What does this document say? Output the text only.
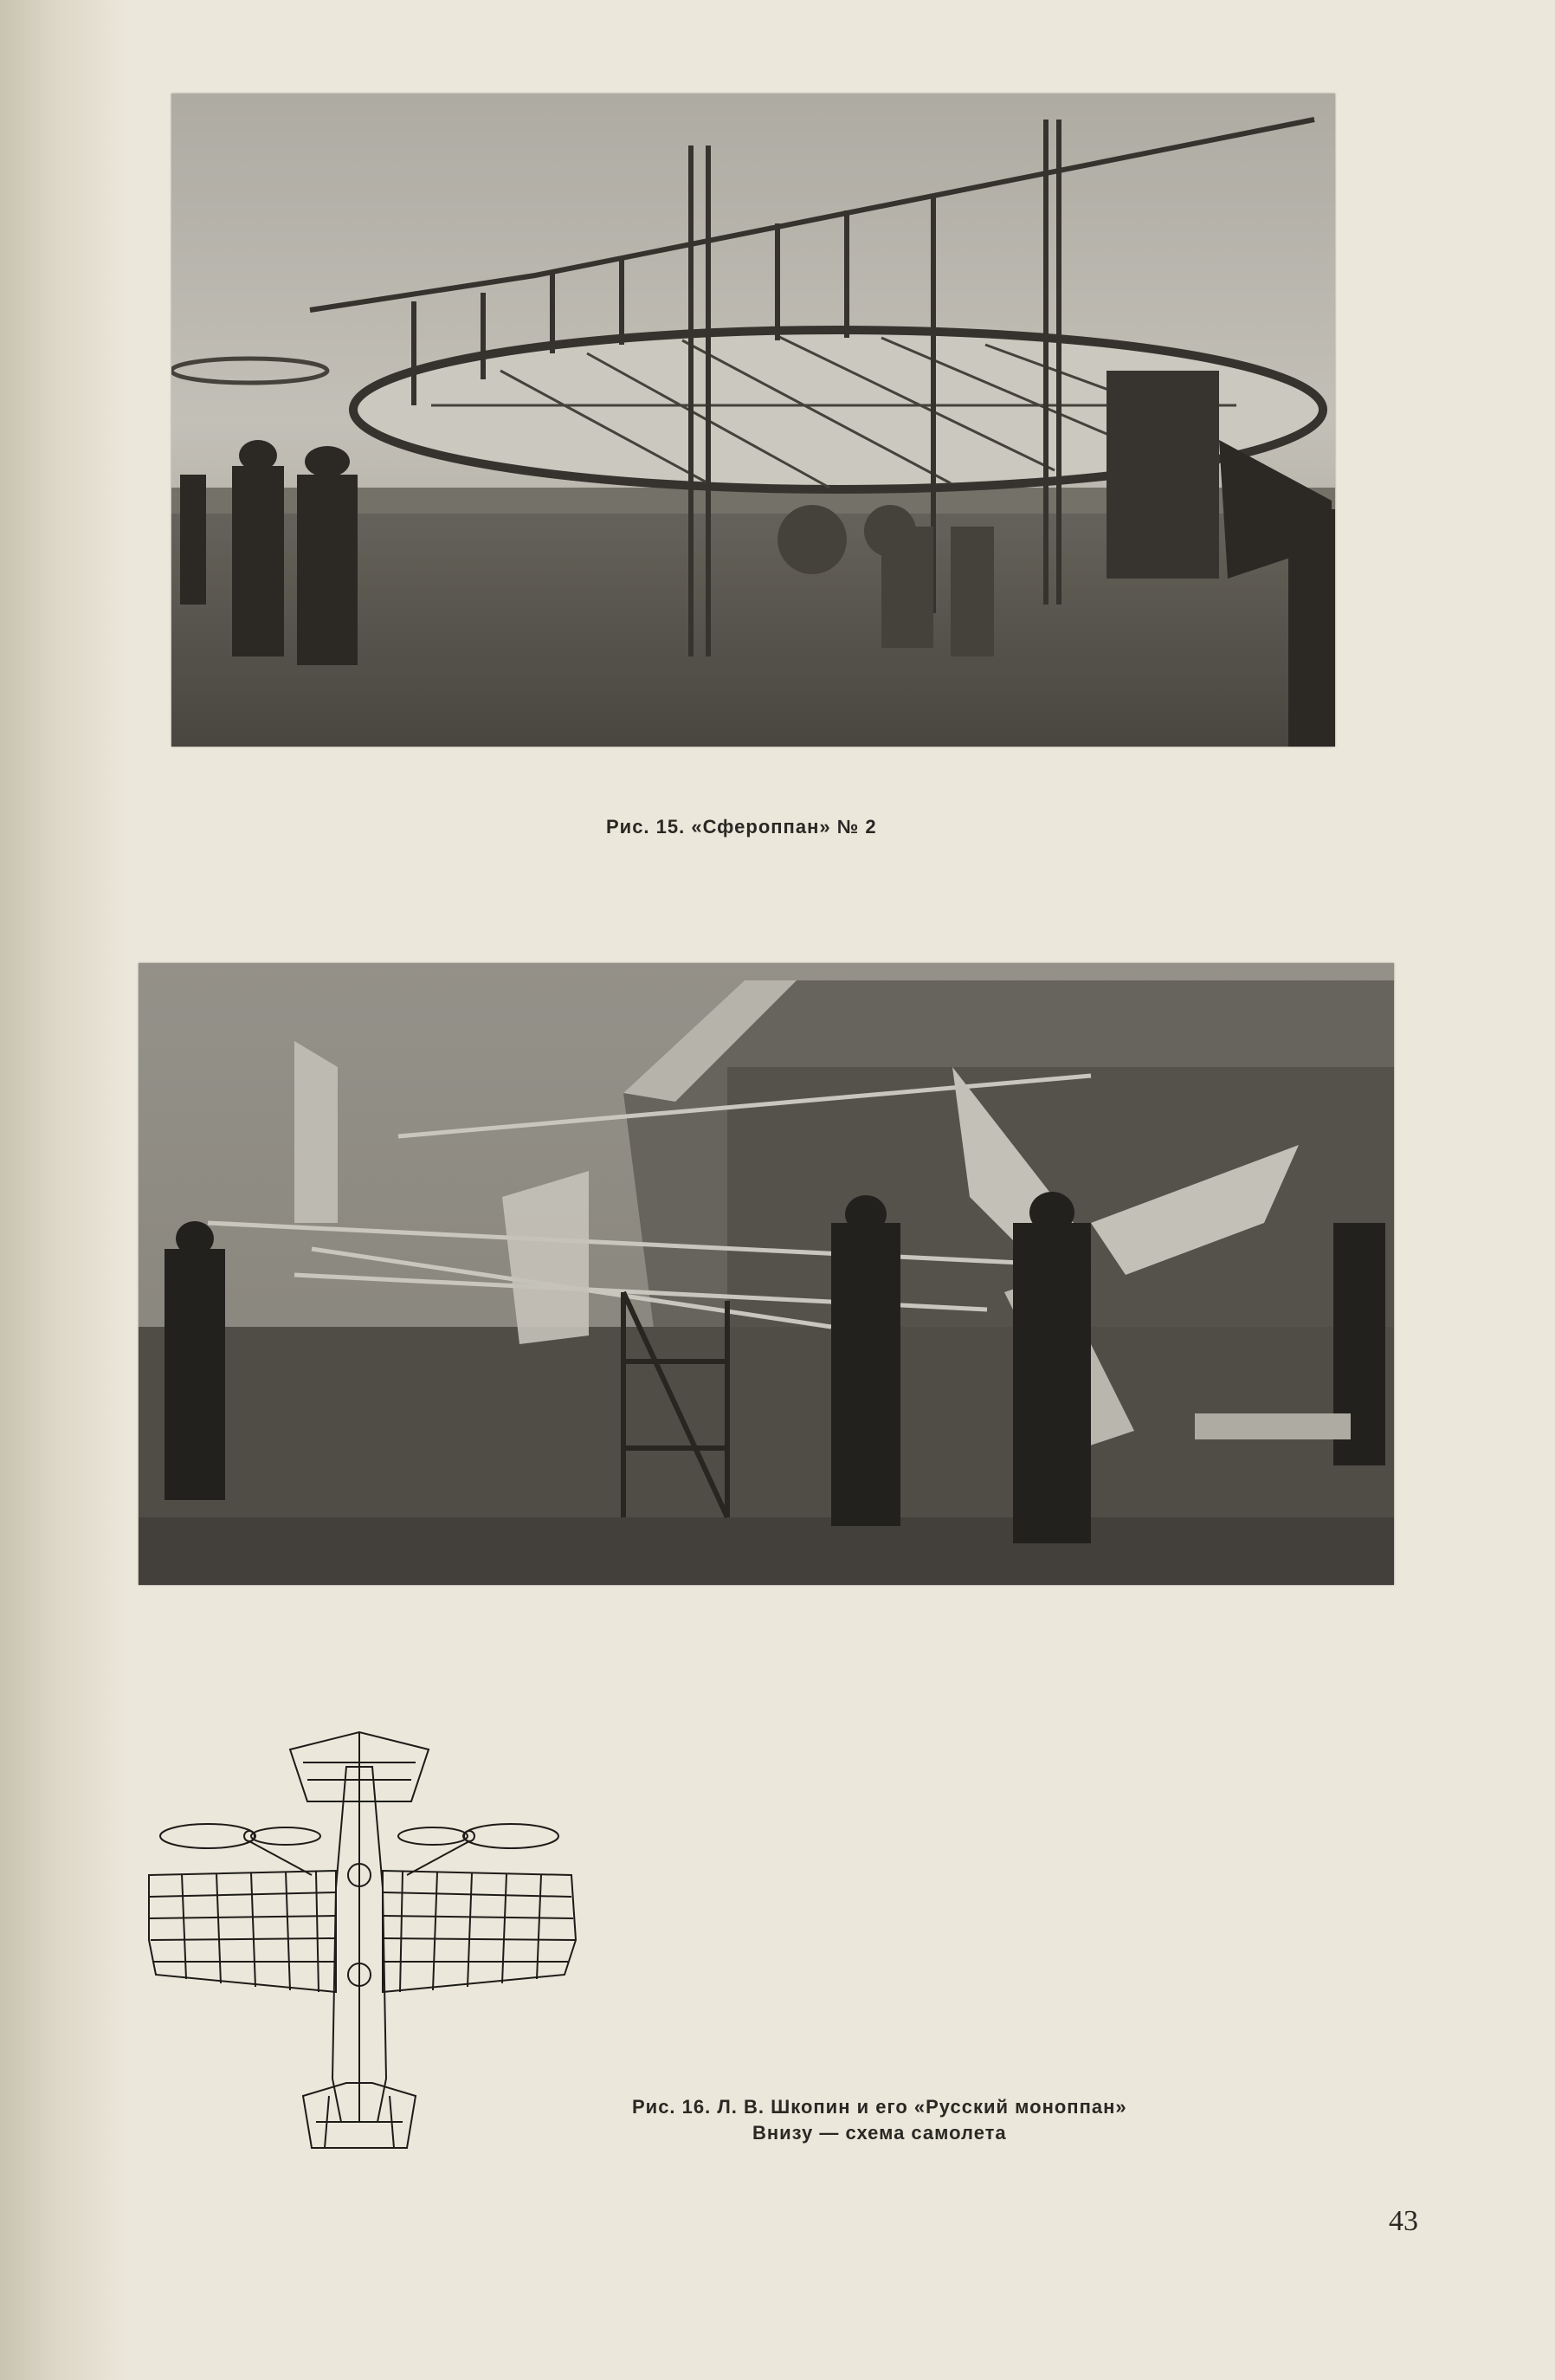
Рис. 15. «Сфероппан» № 2
Рис. 16. Л. В. Шкопин и его «Русский моноппан»
Внизу — схема самолета
43
